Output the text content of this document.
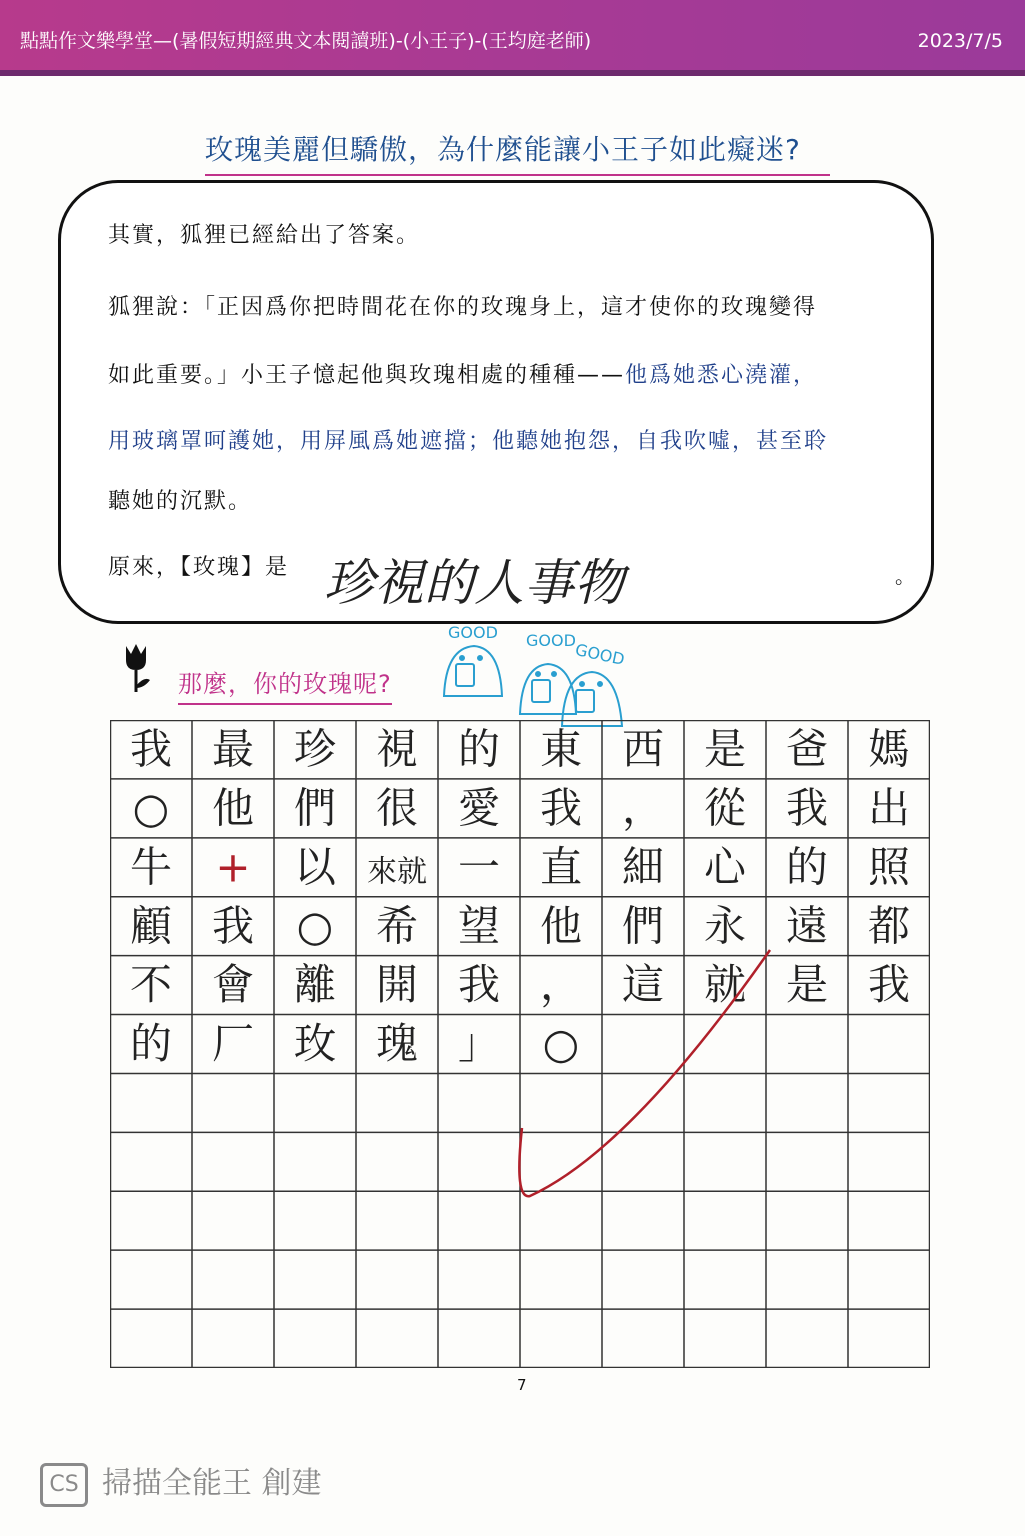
點點作文樂學堂—(暑假短期經典文本閱讀班)-(小王子)-(王均庭老師)	2023/7/5
玫瑰美麗但驕傲，為什麼能讓小王子如此癡迷?
其實，狐狸已經給出了答案。
狐狸說：「正因爲你把時間花在你的玫瑰身上，這才使你的玫瑰變得
如此重要。」小王子憶起他與玫瑰相處的種種——他爲她悉心澆灌，
用玻璃罩呵護她，用屏風爲她遮擋；他聽她抱怨，自我吹噓，甚至聆
聽她的沉默。
原來，【玫瑰】是 珍視的人事物	。
那麼，你的玫瑰呢?
GOOD GOOD
GOOD
我
○
牛
顧
不
的
最
他
+
我
會
厂
珍
們
以
○
離
玫
視
很
來就
希
開
瑰
的
愛
一
望
我
」
東
我
直
他
，
○
西
，
細
們
這
是
從
心
永
就
爸
我
的
遠
是
媽
出
照
都
我
7
CS 掃描全能王 創建
